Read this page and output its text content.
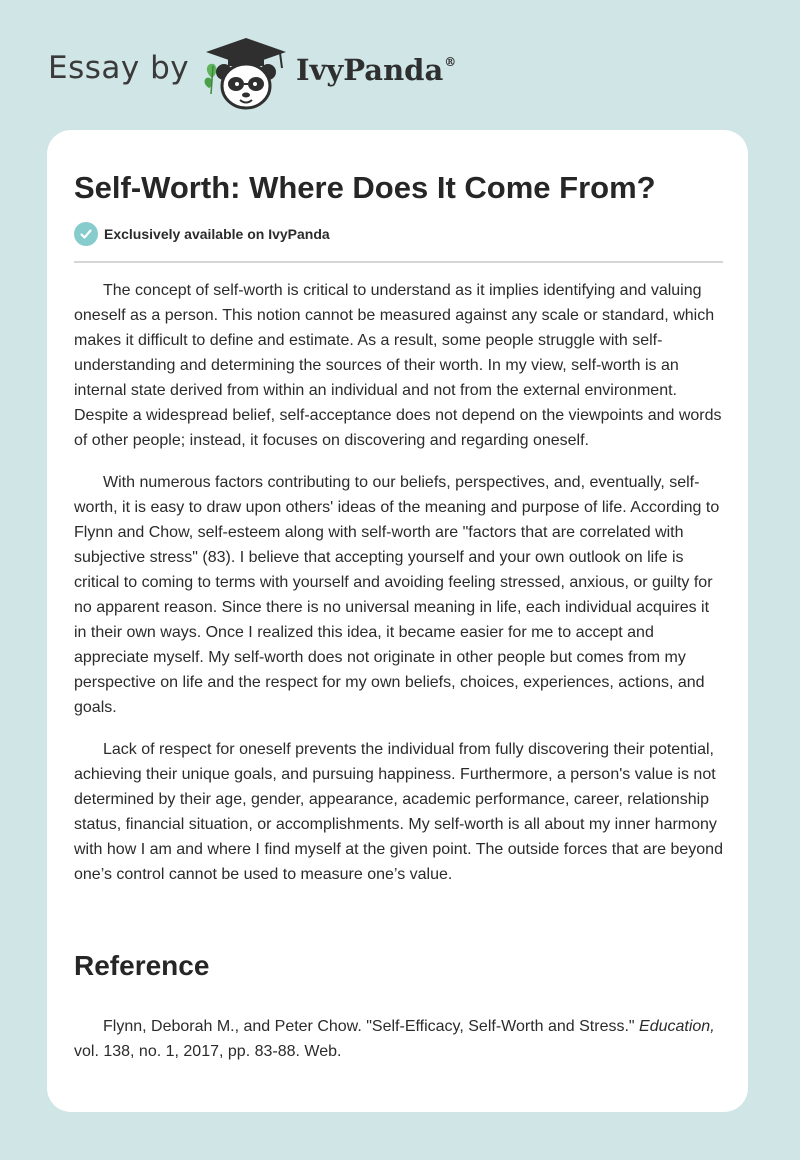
Essay by	IvyPanda®
Self-Worth: Where Does It Come From?
Exclusively available on IvyPanda

The concept of self-worth is critical to understand as it implies identifying and valuing oneself as a person. This notion cannot be measured against any scale or standard, which makes it difficult to define and estimate. As a result, some people struggle with self-understanding and determining the sources of their worth. In my view, self-worth is an internal state derived from within an individual and not from the external environment. Despite a widespread belief, self-acceptance does not depend on the viewpoints and words of other people; instead, it focuses on discovering and regarding oneself.

With numerous factors contributing to our beliefs, perspectives, and, eventually, self-worth, it is easy to draw upon others' ideas of the meaning and purpose of life. According to Flynn and Chow, self-esteem along with self-worth are "factors that are correlated with subjective stress" (83). I believe that accepting yourself and your own outlook on life is critical to coming to terms with yourself and avoiding feeling stressed, anxious, or guilty for no apparent reason. Since there is no universal meaning in life, each individual acquires it in their own ways. Once I realized this idea, it became easier for me to accept and appreciate myself. My self-worth does not originate in other people but comes from my perspective on life and the respect for my own beliefs, choices, experiences, actions, and goals.

Lack of respect for oneself prevents the individual from fully discovering their potential, achieving their unique goals, and pursuing happiness. Furthermore, a person's value is not determined by their age, gender, appearance, academic performance, career, relationship status, financial situation, or accomplishments. My self-worth is all about my inner harmony with how I am and where I find myself at the given point. The outside forces that are beyond one’s control cannot be used to measure one’s value.

Reference
Flynn, Deborah M., and Peter Chow. "Self-Efficacy, Self-Worth and Stress." Education, vol. 138, no. 1, 2017, pp. 83-88. Web.
